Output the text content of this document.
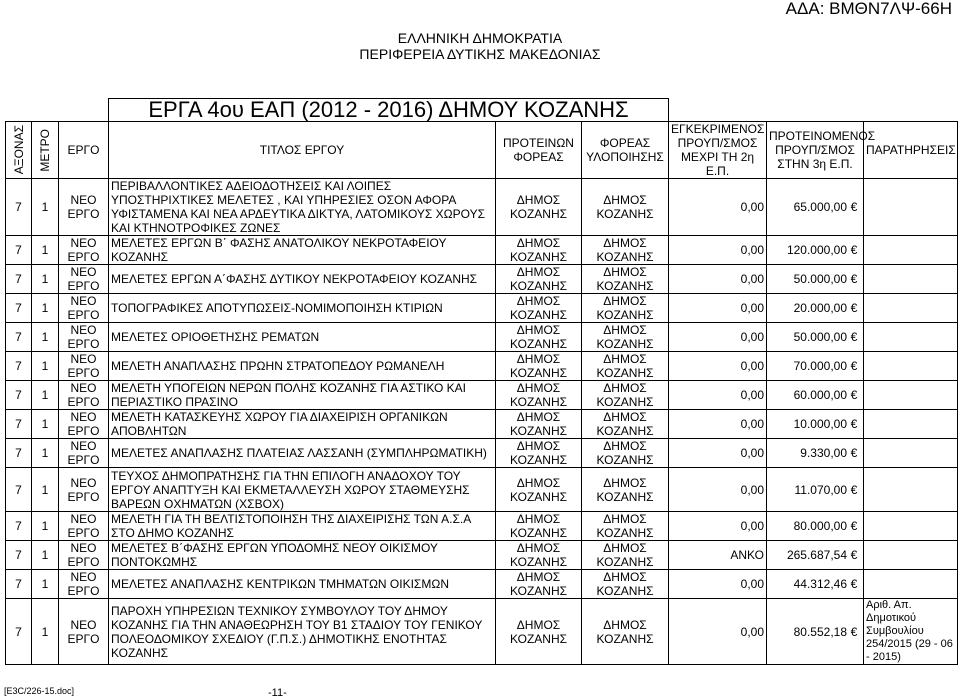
ΑΔΑ: ΒΜΘΝ7ΛΨ-66Η
ΕΛΛΗΝΙΚΗ ΔΗΜΟΚΡΑΤΙΑ
ΠΕΡΙΦΕΡΕΙΑ ΔΥΤΙΚΗΣ ΜΑΚΕΔΟΝΙΑΣ
			ΕΡΓΑ 4ου ΕΑΠ (2012 - 2016) ΔΗΜΟΥ ΚΟΖΑΝΗΣ					

ΑΞΟΝΑΣ	ΜΕΤΡΟ	ΕΡΓΟ	ΤΙΤΛΟΣ ΕΡΓΟΥ	ΠΡΟΤΕΙΝΩΝ ΦΟΡΕΑΣ	ΦΟΡΕΑΣ ΥΛΟΠΟΙΗΣΗΣ	ΕΓΚΕΚΡΙΜΕΝΟΣ ΠΡΟΥΠ/ΣΜΟΣ ΜΕΧΡΙ ΤΗ 2η Ε.Π.	ΠΡΟΤΕΙΝΟΜΕΝΟΣ ΠΡΟΥΠ/ΣΜΟΣ ΣΤΗΝ 3η Ε.Π.	ΠΑΡΑΤΗΡΗΣΕΙΣ
7	1	ΝΕΟ ΕΡΓΟ	ΠΕΡΙΒΑΛΛΟΝΤΙΚΕΣ ΑΔΕΙΟΔΟΤΗΣΕΙΣ ΚΑΙ ΛΟΙΠΕΣ ΥΠΟΣΤΗΡΙΧΤΙΚΕΣ ΜΕΛΕΤΕΣ , ΚΑΙ ΥΠΗΡΕΣΙΕΣ ΟΣΟΝ ΑΦΟΡΑ ΥΦΙΣΤΑΜΕΝΑ ΚΑΙ ΝΕΑ ΑΡΔΕΥΤΙΚΑ ΔΙΚΤΥΑ, ΛΑΤΟΜΙΚΟΥΣ ΧΩΡΟΥΣ ΚΑΙ ΚΤΗΝΟΤΡΟΦΙΚΕΣ ΖΩΝΕΣ	ΔΗΜΟΣ ΚΟΖΑΝΗΣ	ΔΗΜΟΣ ΚΟΖΑΝΗΣ	0,00	65.000,00 €	
7	1	ΝΕΟ ΕΡΓΟ	ΜΕΛΕΤΕΣ ΕΡΓΩΝ Β΄ ΦΑΣΗΣ ΑΝΑΤΟΛΙΚΟΥ ΝΕΚΡΟΤΑΦΕΙΟΥ ΚΟΖΑΝΗΣ	ΔΗΜΟΣ ΚΟΖΑΝΗΣ	ΔΗΜΟΣ ΚΟΖΑΝΗΣ	0,00	120.000,00 €	
7	1	ΝΕΟ ΕΡΓΟ	ΜΕΛΕΤΕΣ ΕΡΓΩΝ Α΄ΦΑΣΗΣ ΔΥΤΙΚΟΥ ΝΕΚΡΟΤΑΦΕΙΟΥ ΚΟΖΑΝΗΣ	ΔΗΜΟΣ ΚΟΖΑΝΗΣ	ΔΗΜΟΣ ΚΟΖΑΝΗΣ	0,00	50.000,00 €	
7	1	ΝΕΟ ΕΡΓΟ	ΤΟΠΟΓΡΑΦΙΚΕΣ ΑΠΟΤΥΠΩΣΕΙΣ-ΝΟΜΙΜΟΠΟΙΗΣΗ ΚΤΙΡΙΩΝ	ΔΗΜΟΣ ΚΟΖΑΝΗΣ	ΔΗΜΟΣ ΚΟΖΑΝΗΣ	0,00	20.000,00 €	
7	1	ΝΕΟ ΕΡΓΟ	ΜΕΛΕΤΕΣ ΟΡΙΟΘΕΤΗΣΗΣ ΡΕΜΑΤΩΝ	ΔΗΜΟΣ ΚΟΖΑΝΗΣ	ΔΗΜΟΣ ΚΟΖΑΝΗΣ	0,00	50.000,00 €	
7	1	ΝΕΟ ΕΡΓΟ	ΜΕΛΕΤΗ ΑΝΑΠΛΑΣΗΣ ΠΡΩΗΝ ΣΤΡΑΤΟΠΕΔΟΥ ΡΩΜΑΝΕΛΗ	ΔΗΜΟΣ ΚΟΖΑΝΗΣ	ΔΗΜΟΣ ΚΟΖΑΝΗΣ	0,00	70.000,00 €	
7	1	ΝΕΟ ΕΡΓΟ	ΜΕΛΕΤΗ ΥΠΟΓΕΙΩΝ ΝΕΡΩΝ ΠΟΛΗΣ ΚΟΖΑΝΗΣ ΓΙΑ ΑΣΤΙΚΟ ΚΑΙ ΠΕΡΙΑΣΤΙΚΟ ΠΡΑΣΙΝΟ	ΔΗΜΟΣ ΚΟΖΑΝΗΣ	ΔΗΜΟΣ ΚΟΖΑΝΗΣ	0,00	60.000,00 €	
7	1	ΝΕΟ ΕΡΓΟ	ΜΕΛΕΤΗ ΚΑΤΑΣΚΕΥΗΣ ΧΩΡΟΥ ΓΙΑ ΔΙΑΧΕΙΡΙΣΗ ΟΡΓΑΝΙΚΩΝ ΑΠΟΒΛΗΤΩΝ	ΔΗΜΟΣ ΚΟΖΑΝΗΣ	ΔΗΜΟΣ ΚΟΖΑΝΗΣ	0,00	10.000,00 €	
7	1	ΝΕΟ ΕΡΓΟ	ΜΕΛΕΤΕΣ ΑΝΑΠΛΑΣΗΣ ΠΛΑΤΕΙΑΣ ΛΑΣΣΑΝΗ (ΣΥΜΠΛΗΡΩΜΑΤΙΚΗ)	ΔΗΜΟΣ ΚΟΖΑΝΗΣ	ΔΗΜΟΣ ΚΟΖΑΝΗΣ	0,00	9.330,00 €	
7	1	ΝΕΟ ΕΡΓΟ	ΤΕΥΧΟΣ ΔΗΜΟΠΡΑΤΗΣΗΣ ΓΙΑ ΤΗΝ ΕΠΙΛΟΓΗ ΑΝΑΔΟΧΟΥ ΤΟΥ ΕΡΓΟΥ ΑΝΑΠΤΥΞΗ ΚΑΙ ΕΚΜΕΤΑΛΛΕΥΣΗ ΧΩΡΟΥ ΣΤΑΘΜΕΥΣΗΣ ΒΑΡΕΩΝ ΟΧΗΜΑΤΩΝ (ΧΣΒΟΧ)	ΔΗΜΟΣ ΚΟΖΑΝΗΣ	ΔΗΜΟΣ ΚΟΖΑΝΗΣ	0,00	11.070,00 €	
7	1	ΝΕΟ ΕΡΓΟ	ΜΕΛΕΤΗ ΓΙΑ ΤΗ ΒΕΛΤΙΣΤΟΠΟΙΗΣΗ ΤΗΣ ΔΙΑΧΕΙΡΙΣΗΣ ΤΩΝ Α.Σ.Α ΣΤΟ ΔΗΜΟ ΚΟΖΑΝΗΣ	ΔΗΜΟΣ ΚΟΖΑΝΗΣ	ΔΗΜΟΣ ΚΟΖΑΝΗΣ	0,00	80.000,00 €	
7	1	ΝΕΟ ΕΡΓΟ	ΜΕΛΕΤΕΣ Β΄ΦΑΣΗΣ ΕΡΓΩΝ ΥΠΟΔΟΜΗΣ ΝΕΟΥ ΟΙΚΙΣΜΟΥ ΠΟΝΤΟΚΩΜΗΣ	ΔΗΜΟΣ ΚΟΖΑΝΗΣ	ΔΗΜΟΣ ΚΟΖΑΝΗΣ	ΑΝΚΟ	265.687,54 €	
7	1	ΝΕΟ ΕΡΓΟ	ΜΕΛΕΤΕΣ ΑΝΑΠΛΑΣΗΣ ΚΕΝΤΡΙΚΩΝ ΤΜΗΜΑΤΩΝ ΟΙΚΙΣΜΩΝ	ΔΗΜΟΣ ΚΟΖΑΝΗΣ	ΔΗΜΟΣ ΚΟΖΑΝΗΣ	0,00	44.312,46 €	
7	1	ΝΕΟ ΕΡΓΟ	ΠΑΡΟΧΗ ΥΠΗΡΕΣΙΩΝ ΤΕΧΝΙΚΟΥ ΣΥΜΒΟΥΛΟΥ ΤΟΥ ΔΗΜΟΥ ΚΟΖΑΝΗΣ ΓΙΑ ΤΗΝ ΑΝΑΘΕΩΡΗΣΗ ΤΟΥ Β1 ΣΤΑΔΙΟΥ ΤΟΥ ΓΕΝΙΚΟΥ ΠΟΛΕΟΔΟΜΙΚΟΥ ΣΧΕΔΙΟΥ (Γ.Π.Σ.) ΔΗΜΟΤΙΚΗΣ ΕΝΟΤΗΤΑΣ ΚΟΖΑΝΗΣ	ΔΗΜΟΣ ΚΟΖΑΝΗΣ	ΔΗΜΟΣ ΚΟΖΑΝΗΣ	0,00	80.552,18 €	Αριθ. Απ. Δημοτικού Συμβουλίου 254/2015 (29 - 06 - 2015)
[E3C/226-15.doc]	-11-
